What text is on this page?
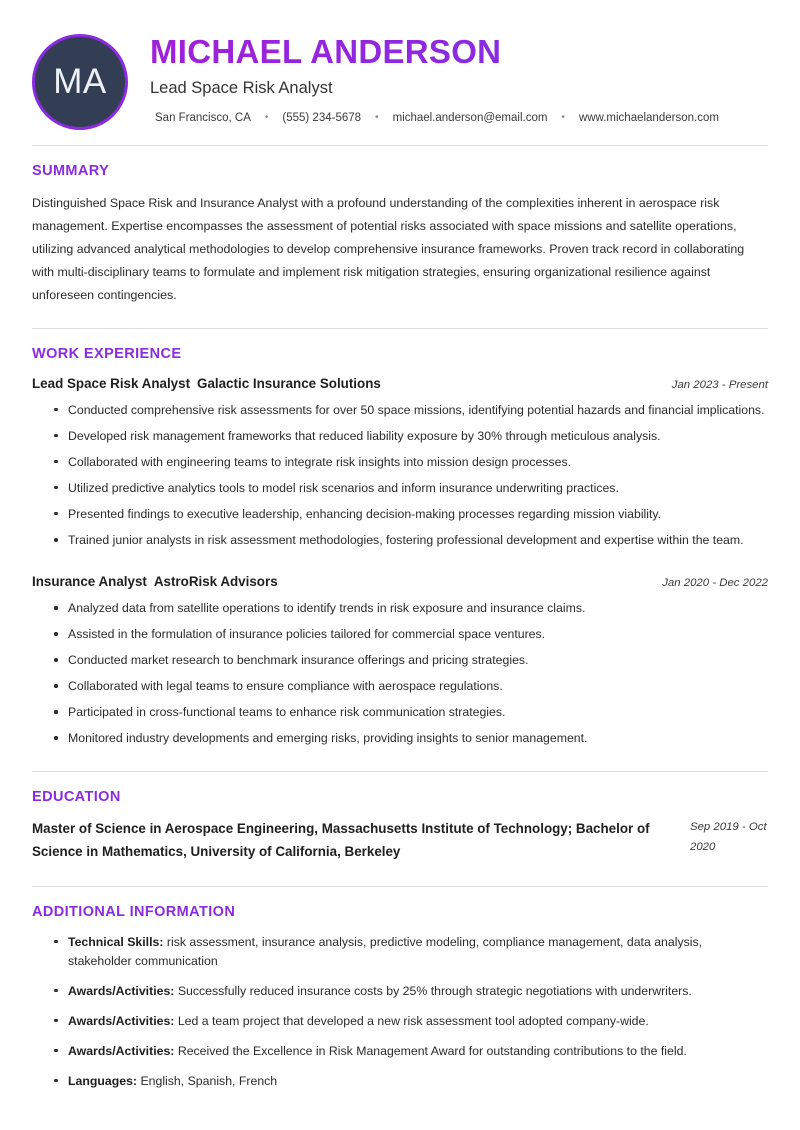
MA
MICHAEL ANDERSON
Lead Space Risk Analyst
San Francisco, CA • (555) 234-5678 • michael.anderson@email.com • www.michaelanderson.com
SUMMARY

Distinguished Space Risk and Insurance Analyst with a profound understanding of the complexities inherent in aerospace risk management. Expertise encompasses the assessment of potential risks associated with space missions and satellite operations, utilizing advanced analytical methodologies to develop comprehensive insurance frameworks. Proven track record in collaborating with multi-disciplinary teams to formulate and implement risk mitigation strategies, ensuring organizational resilience against unforeseen contingencies.

WORK EXPERIENCE
Lead Space Risk Analyst Galactic Insurance Solutions	Jan 2023 - Present
Conducted comprehensive risk assessments for over 50 space missions, identifying potential hazards and financial implications.
Developed risk management frameworks that reduced liability exposure by 30% through meticulous analysis.
Collaborated with engineering teams to integrate risk insights into mission design processes.
Utilized predictive analytics tools to model risk scenarios and inform insurance underwriting practices.
Presented findings to executive leadership, enhancing decision-making processes regarding mission viability.
Trained junior analysts in risk assessment methodologies, fostering professional development and expertise within the team.
Insurance Analyst AstroRisk Advisors	Jan 2020 - Dec 2022
Analyzed data from satellite operations to identify trends in risk exposure and insurance claims.
Assisted in the formulation of insurance policies tailored for commercial space ventures.
Conducted market research to benchmark insurance offerings and pricing strategies.
Collaborated with legal teams to ensure compliance with aerospace regulations.
Participated in cross-functional teams to enhance risk communication strategies.
Monitored industry developments and emerging risks, providing insights to senior management.
EDUCATION
Master of Science in Aerospace Engineering, Massachusetts Institute of Technology; Bachelor of Science in Mathematics, University of California, Berkeley
Sep 2019 - Oct 2020
ADDITIONAL INFORMATION
Technical Skills: risk assessment, insurance analysis, predictive modeling, compliance management, data analysis, stakeholder communication
Awards/Activities: Successfully reduced insurance costs by 25% through strategic negotiations with underwriters.
Awards/Activities: Led a team project that developed a new risk assessment tool adopted company-wide.
Awards/Activities: Received the Excellence in Risk Management Award for outstanding contributions to the field.
Languages: English, Spanish, French
